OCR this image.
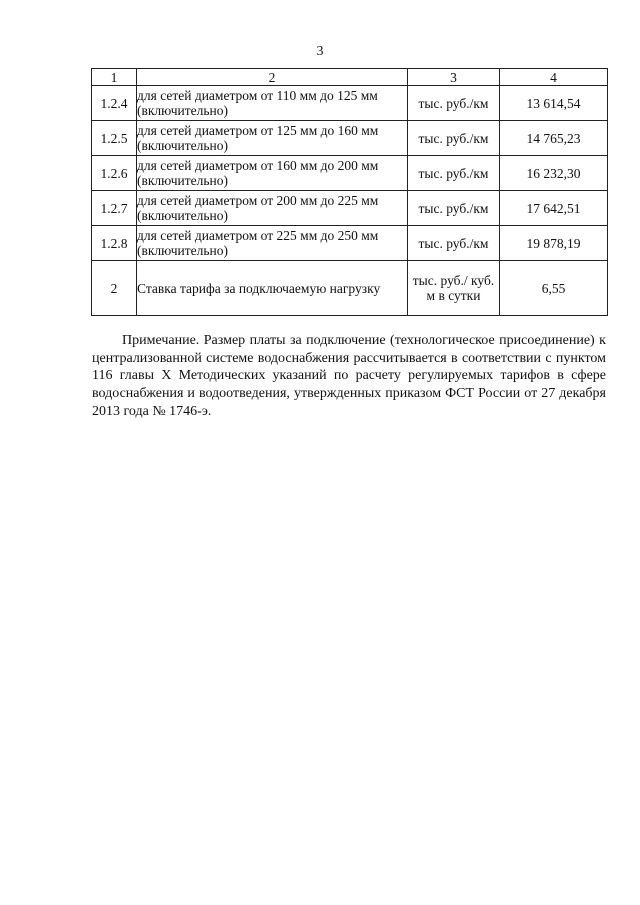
3
1	2	3	4
1.2.4	для сетей диаметром от 110 мм до 125 мм (включительно)	тыс. руб./км	13 614,54
1.2.5	для сетей диаметром от 125 мм до 160 мм (включительно)	тыс. руб./км	14 765,23
1.2.6	для сетей диаметром от 160 мм до 200 мм (включительно)	тыс. руб./км	16 232,30
1.2.7	для сетей диаметром от 200 мм до 225 мм (включительно)	тыс. руб./км	17 642,51
1.2.8	для сетей диаметром от 225 мм до 250 мм (включительно)	тыс. руб./км	19 878,19
2	Ставка тарифа за подключаемую нагрузку	тыс. руб./ куб. м в сутки	6,55

Примечание. Размер платы за подключение (технологическое присоединение) к централизованной системе водоснабжения рассчитывается в соответствии с пунктом 116 главы X Методических указаний по расчету регулируемых тарифов в сфере водоснабжения и водоотведения, утвержденных приказом ФСТ России от 27 декабря 2013 года № 1746-э.
